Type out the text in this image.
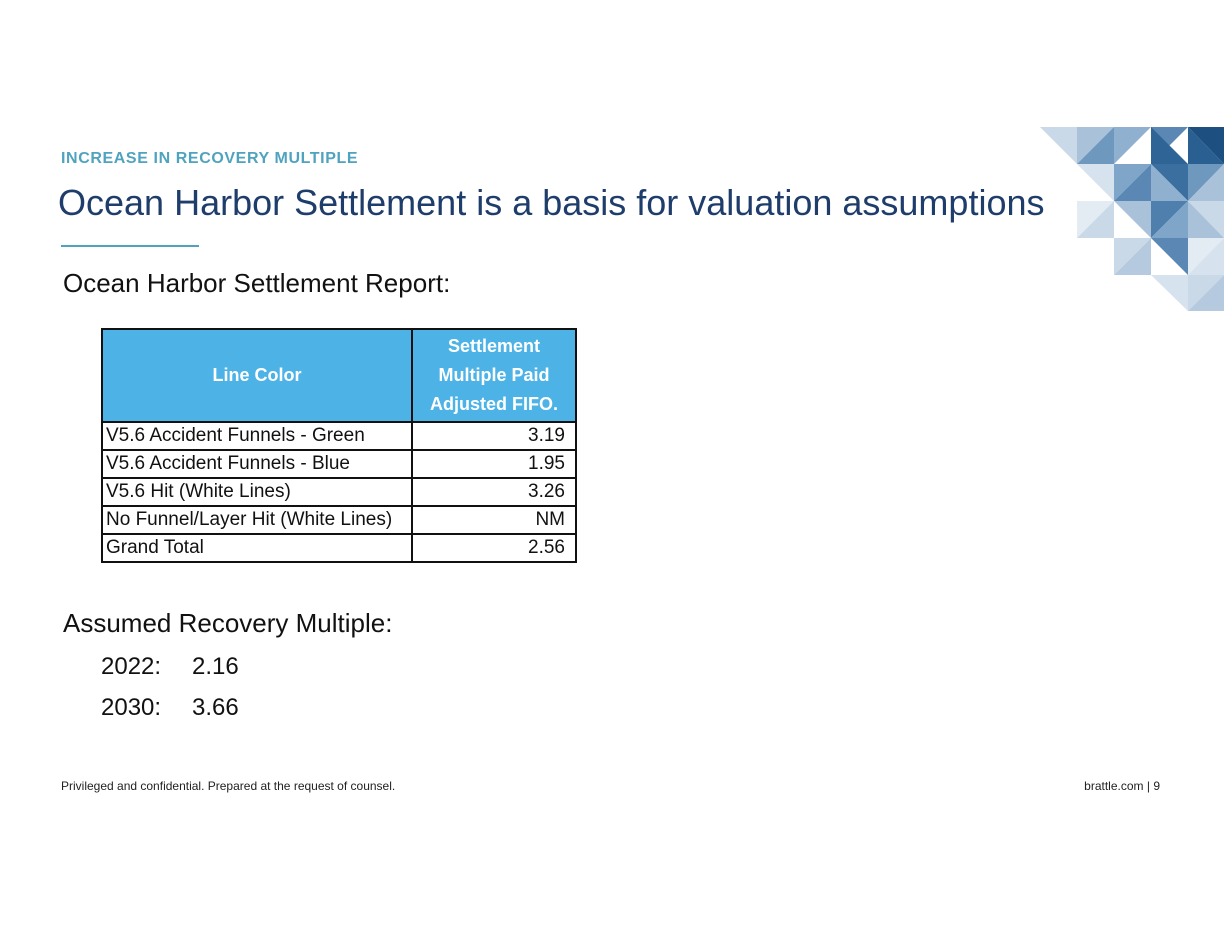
INCREASE IN RECOVERY MULTIPLE
Ocean Harbor Settlement is a basis for valuation assumptions
Ocean Harbor Settlement Report:
Line Color	Settlement
Multiple Paid
Adjusted FIFO.
V5.6 Accident Funnels - Green	3.19
V5.6 Accident Funnels - Blue	1.95
V5.6 Hit (White Lines)	3.26
No Funnel/Layer Hit (White Lines)	NM
Grand Total	2.56
Assumed Recovery Multiple:
2022: 2.16
2030: 3.66
Privileged and confidential. Prepared at the request of counsel.	brattle.com | 9
